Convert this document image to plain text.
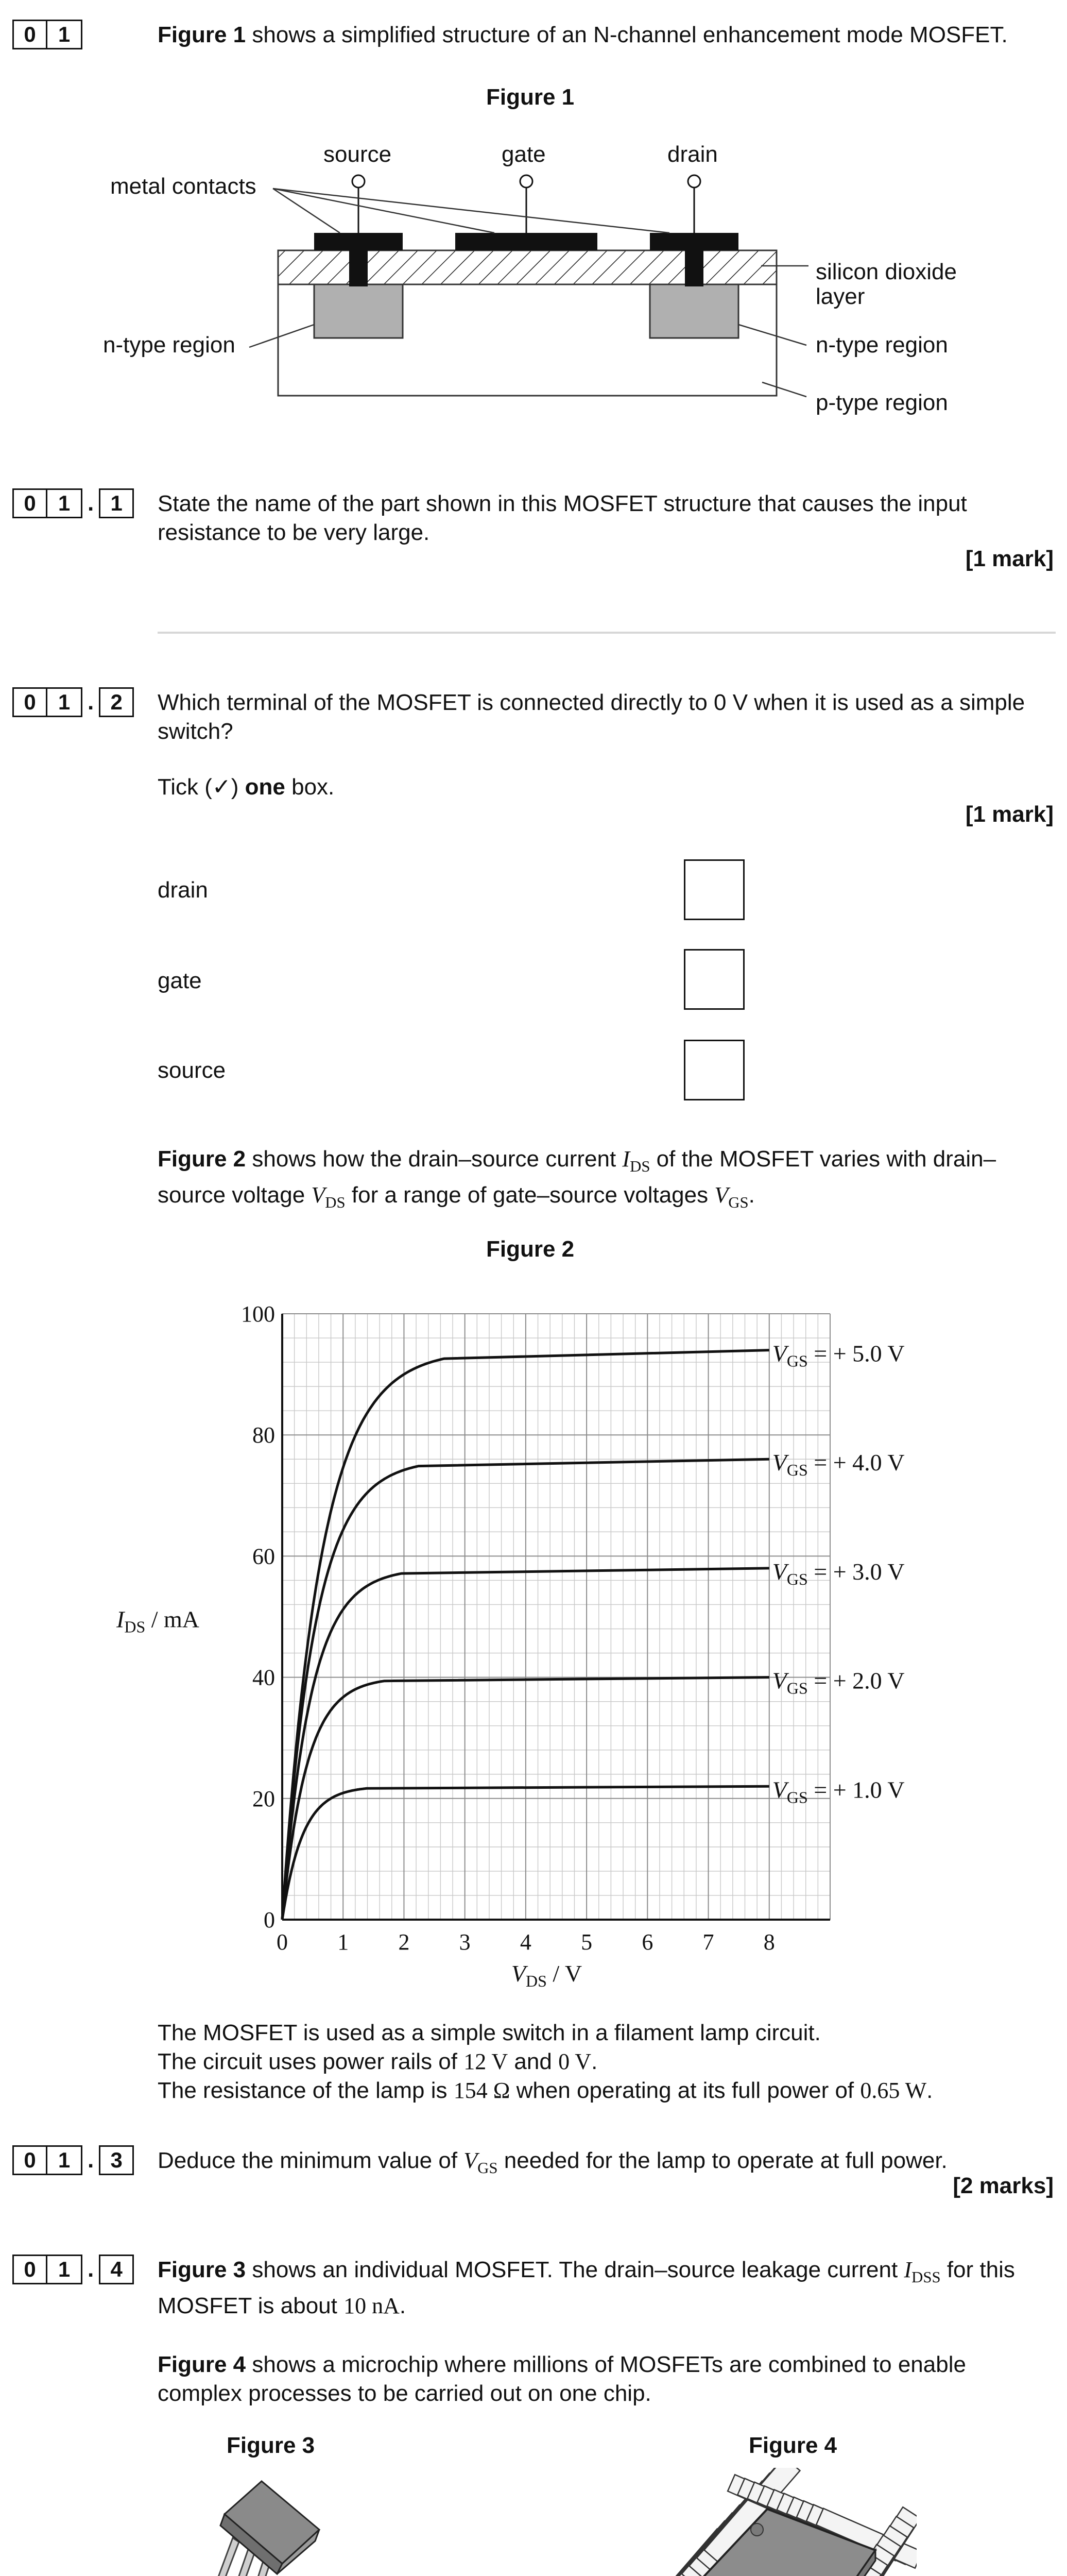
0	1	Figure 1 shows a simplified structure of an N-channel enhancement mode MOSFET.
Figure 1
source	gate	drain
metal contacts
silicon dioxide
layer
n-type region	n-type region
p-type region
0	1 . 1	State the name of the part shown in this MOSFET structure that causes the input resistance to be very large.
[1 mark]
0	1 . 2	Which terminal of the MOSFET is connected directly to 0 V when it is used as a simple switch?
Tick (✓) one box.
[1 mark]
drain
gate
source
Figure 2 shows how the drain–source current $I_{DS}$ of the MOSFET varies with drain–source voltage $V_{DS}$ for a range of gate–source voltages $V_{GS}$.
Figure 2
0 1 2 3 4 5 6 7 8
0
20
40
60
80
100
$V_{GS}$ = + 5.0 V
$V_{GS}$ = + 4.0 V
$V_{GS}$ = + 3.0 V
$V_{GS}$ = + 2.0 V
$V_{GS}$ = + 1.0 V
$I_{DS}$ / mA
$V_{DS}$ / V
The MOSFET is used as a simple switch in a filament lamp circuit.
The circuit uses power rails of 12 V and 0 V.
The resistance of the lamp is 154 Ω when operating at its full power of 0.65 W.
0	1 . 3	Deduce the minimum value of $V_{GS}$ needed for the lamp to operate at full power.
[2 marks]
0	1 . 4	Figure 3 shows an individual MOSFET. The drain–source leakage current $I_{DSS}$ for this MOSFET is about 10 nA.
Figure 4 shows a microchip where millions of MOSFETs are combined to enable complex processes to be carried out on one chip.
Figure 3	Figure 4
